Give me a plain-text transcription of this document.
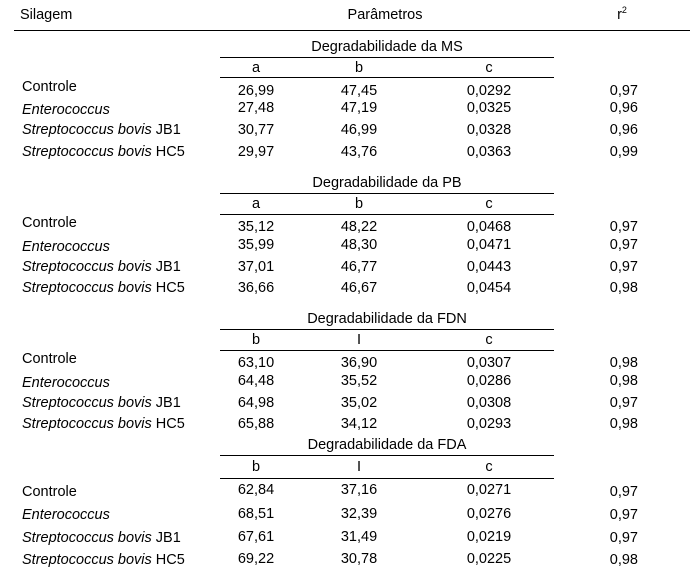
Silagem	Parâmetros	$r^2$
Degradabilidade da MS
a	b	c
Controle	26,99	47,45	0,0292	0,97
Enterococcus	27,48	47,19	0,0325	0,96
Streptococcus bovis JB1	30,77	46,99	0,0328	0,96
Streptococcus bovis HC5	29,97	43,76	0,0363	0,99
Degradabilidade da PB
a	b	c
Controle	35,12	48,22	0,0468	0,97
Enterococcus	35,99	48,30	0,0471	0,97
Streptococcus bovis JB1	37,01	46,77	0,0443	0,97
Streptococcus bovis HC5	36,66	46,67	0,0454	0,98
Degradabilidade da FDN
b	I	c
Controle	63,10	36,90	0,0307	0,98
Enterococcus	64,48	35,52	0,0286	0,98
Streptococcus bovis JB1	64,98	35,02	0,0308	0,97
Streptococcus bovis HC5	65,88	34,12	0,0293	0,98
Degradabilidade da FDA
b	I	c
Controle	62,84	37,16	0,0271	0,97
Enterococcus	68,51	32,39	0,0276	0,97
Streptococcus bovis JB1	67,61	31,49	0,0219	0,97
Streptococcus bovis HC5	69,22	30,78	0,0225	0,98
